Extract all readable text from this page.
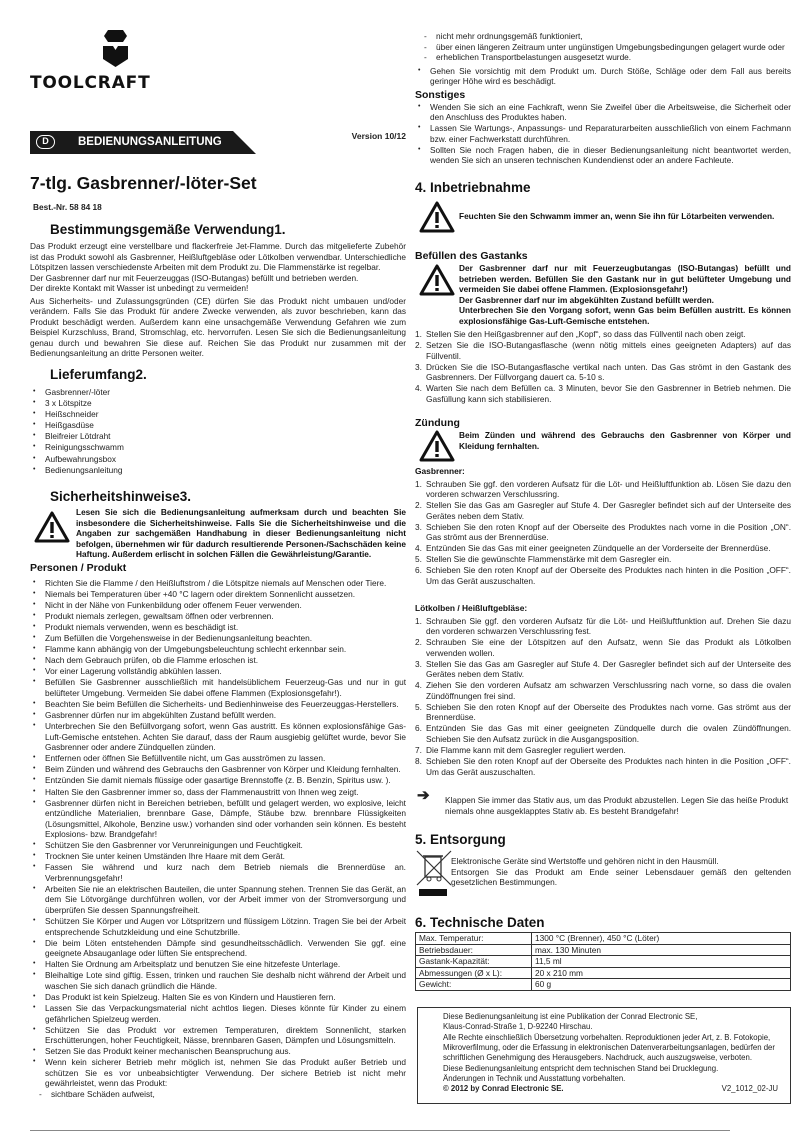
TOOLCRAFT
D	BEDIENUNGSANLEITUNG	Version 10/12
7-tlg. Gasbrenner/-löter-Set
Best.-Nr. 58 84 18
Bestimmungsgemäße Verwendung1.

Das Produkt erzeugt eine verstellbare und flackerfreie Jet-Flamme. Durch das mitgelieferte Zubehör ist das Produkt sowohl als Gasbrenner, Heißluftgebläse oder Lötkolben verwendbar. Unterschiedliche Lötspitzen lassen verschiedenste Arbeiten mit dem Produkt zu. Die Flammenstärke ist regelbar.

Der Gasbrenner darf nur mit Feuerzeuggas (ISO-Butangas) befüllt und betrieben werden.

Der direkte Kontakt mit Wasser ist unbedingt zu vermeiden!

Aus Sicherheits- und Zulassungsgründen (CE) dürfen Sie das Produkt nicht umbauen und/oder verändern. Falls Sie das Produkt für andere Zwecke verwenden, als zuvor beschrieben, kann das Produkt beschädigt werden. Außerdem kann eine unsachgemäße Verwendung Gefahren wie zum Beispiel Kurzschluss, Brand, Stromschlag, etc. hervorrufen. Lesen Sie sich die Bedienungsanleitung genau durch und bewahren Sie diese auf. Reichen Sie das Produkt nur zusammen mit der Bedienungsanleitung an dritte Personen weiter.

Lieferumfang2.
• Gasbrenner/-löter
• 3 x Lötspitze
• Heißschneider
• Heißgasdüse
• Bleifreier Lötdraht
• Reinigungsschwamm
• Aufbewahrungsbox
• Bedienungsanleitung
Sicherheitshinweise3.

Lesen Sie sich die Bedienungsanleitung aufmerksam durch und beachten Sie insbesondere die Sicherheitshinweise. Falls Sie die Sicherheitshinweise und die Angaben zur sachgemäßen Handhabung in dieser Bedienungsanleitung nicht befolgen, übernehmen wir für dadurch resultierende Personen-/Sachschäden keine Haftung. Außerdem erlischt in solchen Fällen die Gewährleistung/Garantie.

Personen / Produkt
• Richten Sie die Flamme / den Heißluftstrom / die Lötspitze niemals auf Menschen oder Tiere.
• Niemals bei Temperaturen über +40 °C lagern oder direktem Sonnenlicht aussetzen.
• Nicht in der Nähe von Funkenbildung oder offenem Feuer verwenden.
• Produkt niemals zerlegen, gewaltsam öffnen oder verbrennen.
• Produkt niemals verwenden, wenn es beschädigt ist.
• Zum Befüllen die Vorgehensweise in der Bedienungsanleitung beachten.
• Flamme kann abhängig von der Umgebungsbeleuchtung schlecht erkennbar sein.
• Nach dem Gebrauch prüfen, ob die Flamme erloschen ist.
• Vor einer Lagerung vollständig abkühlen lassen.
• Befüllen Sie Gasbrenner ausschließlich mit handelsüblichem Feuerzeug-Gas und nur in gut belüfteter Umgebung. Vermeiden Sie dabei offene Flammen (Explosionsgefahr!).
• Beachten Sie beim Befüllen die Sicherheits- und Bedienhinweise des Feuerzeuggas-Herstellers.
• Gasbrenner dürfen nur im abgekühlten Zustand befüllt werden.
• Unterbrechen Sie den Befüllvorgang sofort, wenn Gas austritt. Es können explosionsfähige Gas-Luft-Gemische entstehen. Achten Sie darauf, dass der Raum ausgiebig gelüftet wurde, bevor Sie Gasbrenner oder andere Zündquellen zünden.
• Entfernen oder öffnen Sie Befüllventile nicht, um Gas ausströmen zu lassen.
• Beim Zünden und während des Gebrauchs den Gasbrenner von Körper und Kleidung fernhalten.
• Entzünden Sie damit niemals flüssige oder gasartige Brennstoffe (z. B. Benzin, Spiritus usw. ).
• Halten Sie den Gasbrenner immer so, dass der Flammenaustritt von Ihnen weg zeigt.
• Gasbrenner dürfen nicht in Bereichen betrieben, befüllt und gelagert werden, wo explosive, leicht entzündliche Materialien, brennbare Gase, Dämpfe, Stäube bzw. brennbare Flüssigkeiten (Lösungsmittel, Alkohole, Benzine usw.) vorhanden sind oder vorhanden sein können. Es besteht Explosions- bzw. Brandgefahr!
• Schützen Sie den Gasbrenner vor Verunreinigungen und Feuchtigkeit.
• Trocknen Sie unter keinen Umständen Ihre Haare mit dem Gerät.
• Fassen Sie während und kurz nach dem Betrieb niemals die Brennerdüse an. Verbrennungsgefahr!
• Arbeiten Sie nie an elektrischen Bauteilen, die unter Spannung stehen. Trennen Sie das Gerät, an dem Sie Lötvorgänge durchführen wollen, vor der Arbeit immer von der Stromversorgung und überprüfen Sie dessen Spannungsfreiheit.
• Schützen Sie Körper und Augen vor Lötspritzern und flüssigem Lötzinn. Tragen Sie bei der Arbeit entsprechende Schutzkleidung und eine Schutzbrille.
• Die beim Löten entstehenden Dämpfe sind gesundheitsschädlich. Verwenden Sie ggf. eine geeignete Absauganlage oder lüften Sie entsprechend.
• Halten Sie Ordnung am Arbeitsplatz und benutzen Sie eine hitzefeste Unterlage.
• Bleihaltige Lote sind giftig. Essen, trinken und rauchen Sie deshalb nicht während der Arbeit und waschen Sie sich danach gründlich die Hände.
• Das Produkt ist kein Spielzeug. Halten Sie es von Kindern und Haustieren fern.
• Lassen Sie das Verpackungsmaterial nicht achtlos liegen. Dieses könnte für Kinder zu einem gefährlichen Spielzeug werden.
• Schützen Sie das Produkt vor extremen Temperaturen, direktem Sonnenlicht, starken Erschütterungen, hoher Feuchtigkeit, Nässe, brennbaren Gasen, Dämpfen und Lösungsmitteln.
• Setzen Sie das Produkt keiner mechanischen Beanspruchung aus.
• Wenn kein sicherer Betrieb mehr möglich ist, nehmen Sie das Produkt außer Betrieb und schützen Sie es vor unbeabsichtigter Verwendung. Der sichere Betrieb ist nicht mehr gewährleistet, wenn das Produkt:
- sichtbare Schäden aufweist,
- nicht mehr ordnungsgemäß funktioniert,
- über einen längeren Zeitraum unter ungünstigen Umgebungsbedingungen gelagert wurde oder
- erheblichen Transportbelastungen ausgesetzt wurde.
• Gehen Sie vorsichtig mit dem Produkt um. Durch Stöße, Schläge oder dem Fall aus bereits geringer Höhe wird es beschädigt.
Sonstiges
• Wenden Sie sich an eine Fachkraft, wenn Sie Zweifel über die Arbeitsweise, die Sicherheit oder den Anschluss des Produktes haben.
• Lassen Sie Wartungs-, Anpassungs- und Reparaturarbeiten ausschließlich von einem Fachmann bzw. einer Fachwerkstatt durchführen.
• Sollten Sie noch Fragen haben, die in dieser Bedienungsanleitung nicht beantwortet werden, wenden Sie sich an unseren technischen Kundendienst oder an andere Fachleute.
4. Inbetriebnahme

Feuchten Sie den Schwamm immer an, wenn Sie ihn für Lötarbeiten verwenden.

Befüllen des Gastanks

Der Gasbrenner darf nur mit Feuerzeugbutangas (ISO-Butangas) befüllt und betrieben werden. Befüllen Sie den Gastank nur in gut belüfteter Umgebung und vermeiden Sie dabei offene Flammen. (Explosionsgefahr!)

Der Gasbrenner darf nur im abgekühlten Zustand befüllt werden.

Unterbrechen Sie den Vorgang sofort, wenn Gas beim Befüllen austritt. Es können explosionsfähige Gas-Luft-Gemische entstehen.

1. Stellen Sie den Heißgasbrenner auf den „Kopf“, so dass das Füllventil nach oben zeigt.
2. Setzen Sie die ISO-Butangasflasche (wenn nötig mittels eines geeigneten Adapters) auf das Füllventil.
3. Drücken Sie die ISO-Butangasflasche vertikal nach unten. Das Gas strömt in den Gastank des Gasbrenners. Der Füllvorgang dauert ca. 5-10 s.
4. Warten Sie nach dem Befüllen ca. 3 Minuten, bevor Sie den Gasbrenner in Betrieb nehmen. Die Gasfüllung kann sich stabilisieren.
Zündung

Beim Zünden und während des Gebrauchs den Gasbrenner von Körper und Kleidung fernhalten.

Gasbrenner:
1. Schrauben Sie ggf. den vorderen Aufsatz für die Löt- und Heißluftfunktion ab. Lösen Sie dazu den vorderen schwarzen Verschlussring.
2. Stellen Sie das Gas am Gasregler auf Stufe 4. Der Gasregler befindet sich auf der Unterseite des Gerätes neben dem Stativ.
3. Schieben Sie den roten Knopf auf der Oberseite des Produktes nach vorne in die Position „ON“. Gas strömt aus der Brennerdüse.
4. Entzünden Sie das Gas mit einer geeigneten Zündquelle an der Vorderseite der Brennerdüse.
5. Stellen Sie die gewünschte Flammenstärke mit dem Gasregler ein.
6. Schieben Sie den roten Knopf auf der Oberseite des Produktes nach hinten in die Position „OFF“. Um das Gerät auszuschalten.
Lötkolben / Heißluftgebläse:
1. Schrauben Sie ggf. den vorderen Aufsatz für die Löt- und Heißluftfunktion auf. Drehen Sie dazu den vorderen schwarzen Verschlussring fest.
2. Schrauben Sie eine der Lötspitzen auf den Aufsatz, wenn Sie das Produkt als Lötkolben verwenden wollen.
3. Stellen Sie das Gas am Gasregler auf Stufe 4. Der Gasregler befindet sich auf der Unterseite des Gerätes neben dem Stativ.
4. Ziehen Sie den vorderen Aufsatz am schwarzen Verschlussring nach vorne, so dass die ovalen Zündöffnungen frei sind.
5. Schieben Sie den roten Knopf auf der Oberseite des Produktes nach vorne. Gas strömt aus der Brennerdüse.
6. Entzünden Sie das Gas mit einer geeigneten Zündquelle durch die ovalen Zündöffnungen. Schieben Sie den Aufsatz zurück in die Ausgangsposition.
7. Die Flamme kann mit dem Gasregler reguliert werden.
8. Schieben Sie den roten Knopf auf der Oberseite des Produktes nach hinten in die Position „OFF“. Um das Gerät auszuschalten.
➔ Klappen Sie immer das Stativ aus, um das Produkt abzustellen. Legen Sie das heiße Produkt niemals ohne ausgeklapptes Stativ ab. Es besteht Brandgefahr!

5. Entsorgung

Elektronische Geräte sind Wertstoffe und gehören nicht in den Hausmüll.

Entsorgen Sie das Produkt am Ende seiner Lebensdauer gemäß den geltenden gesetzlichen Bestimmungen.

6. Technische Daten
Max. Temperatur:	1300 °C (Brenner), 450 °C (Löter)
Betriebsdauer:	max. 130 Minuten
Gastank-Kapazität:	11,5 ml
Abmessungen (Ø x L):	20 x 210 mm
Gewicht:	60 g

Diese Bedienungsanleitung ist eine Publikation der Conrad Electronic SE,

Klaus-Conrad-Straße 1, D-92240 Hirschau.

Alle Rechte einschließlich Übersetzung vorbehalten. Reproduktionen jeder Art, z. B. Fotokopie, Mikroverfilmung, oder die Erfassung in elektronischen Datenverarbeitungsanlagen, bedürfen der schriftlichen Genehmigung des Herausgebers. Nachdruck, auch auszugsweise, verboten.

Diese Bedienungsanleitung entspricht dem technischen Stand bei Drucklegung.

Änderungen in Technik und Ausstattung vorbehalten.

© 2012 by Conrad Electronic SE.	V2_1012_02-JU
